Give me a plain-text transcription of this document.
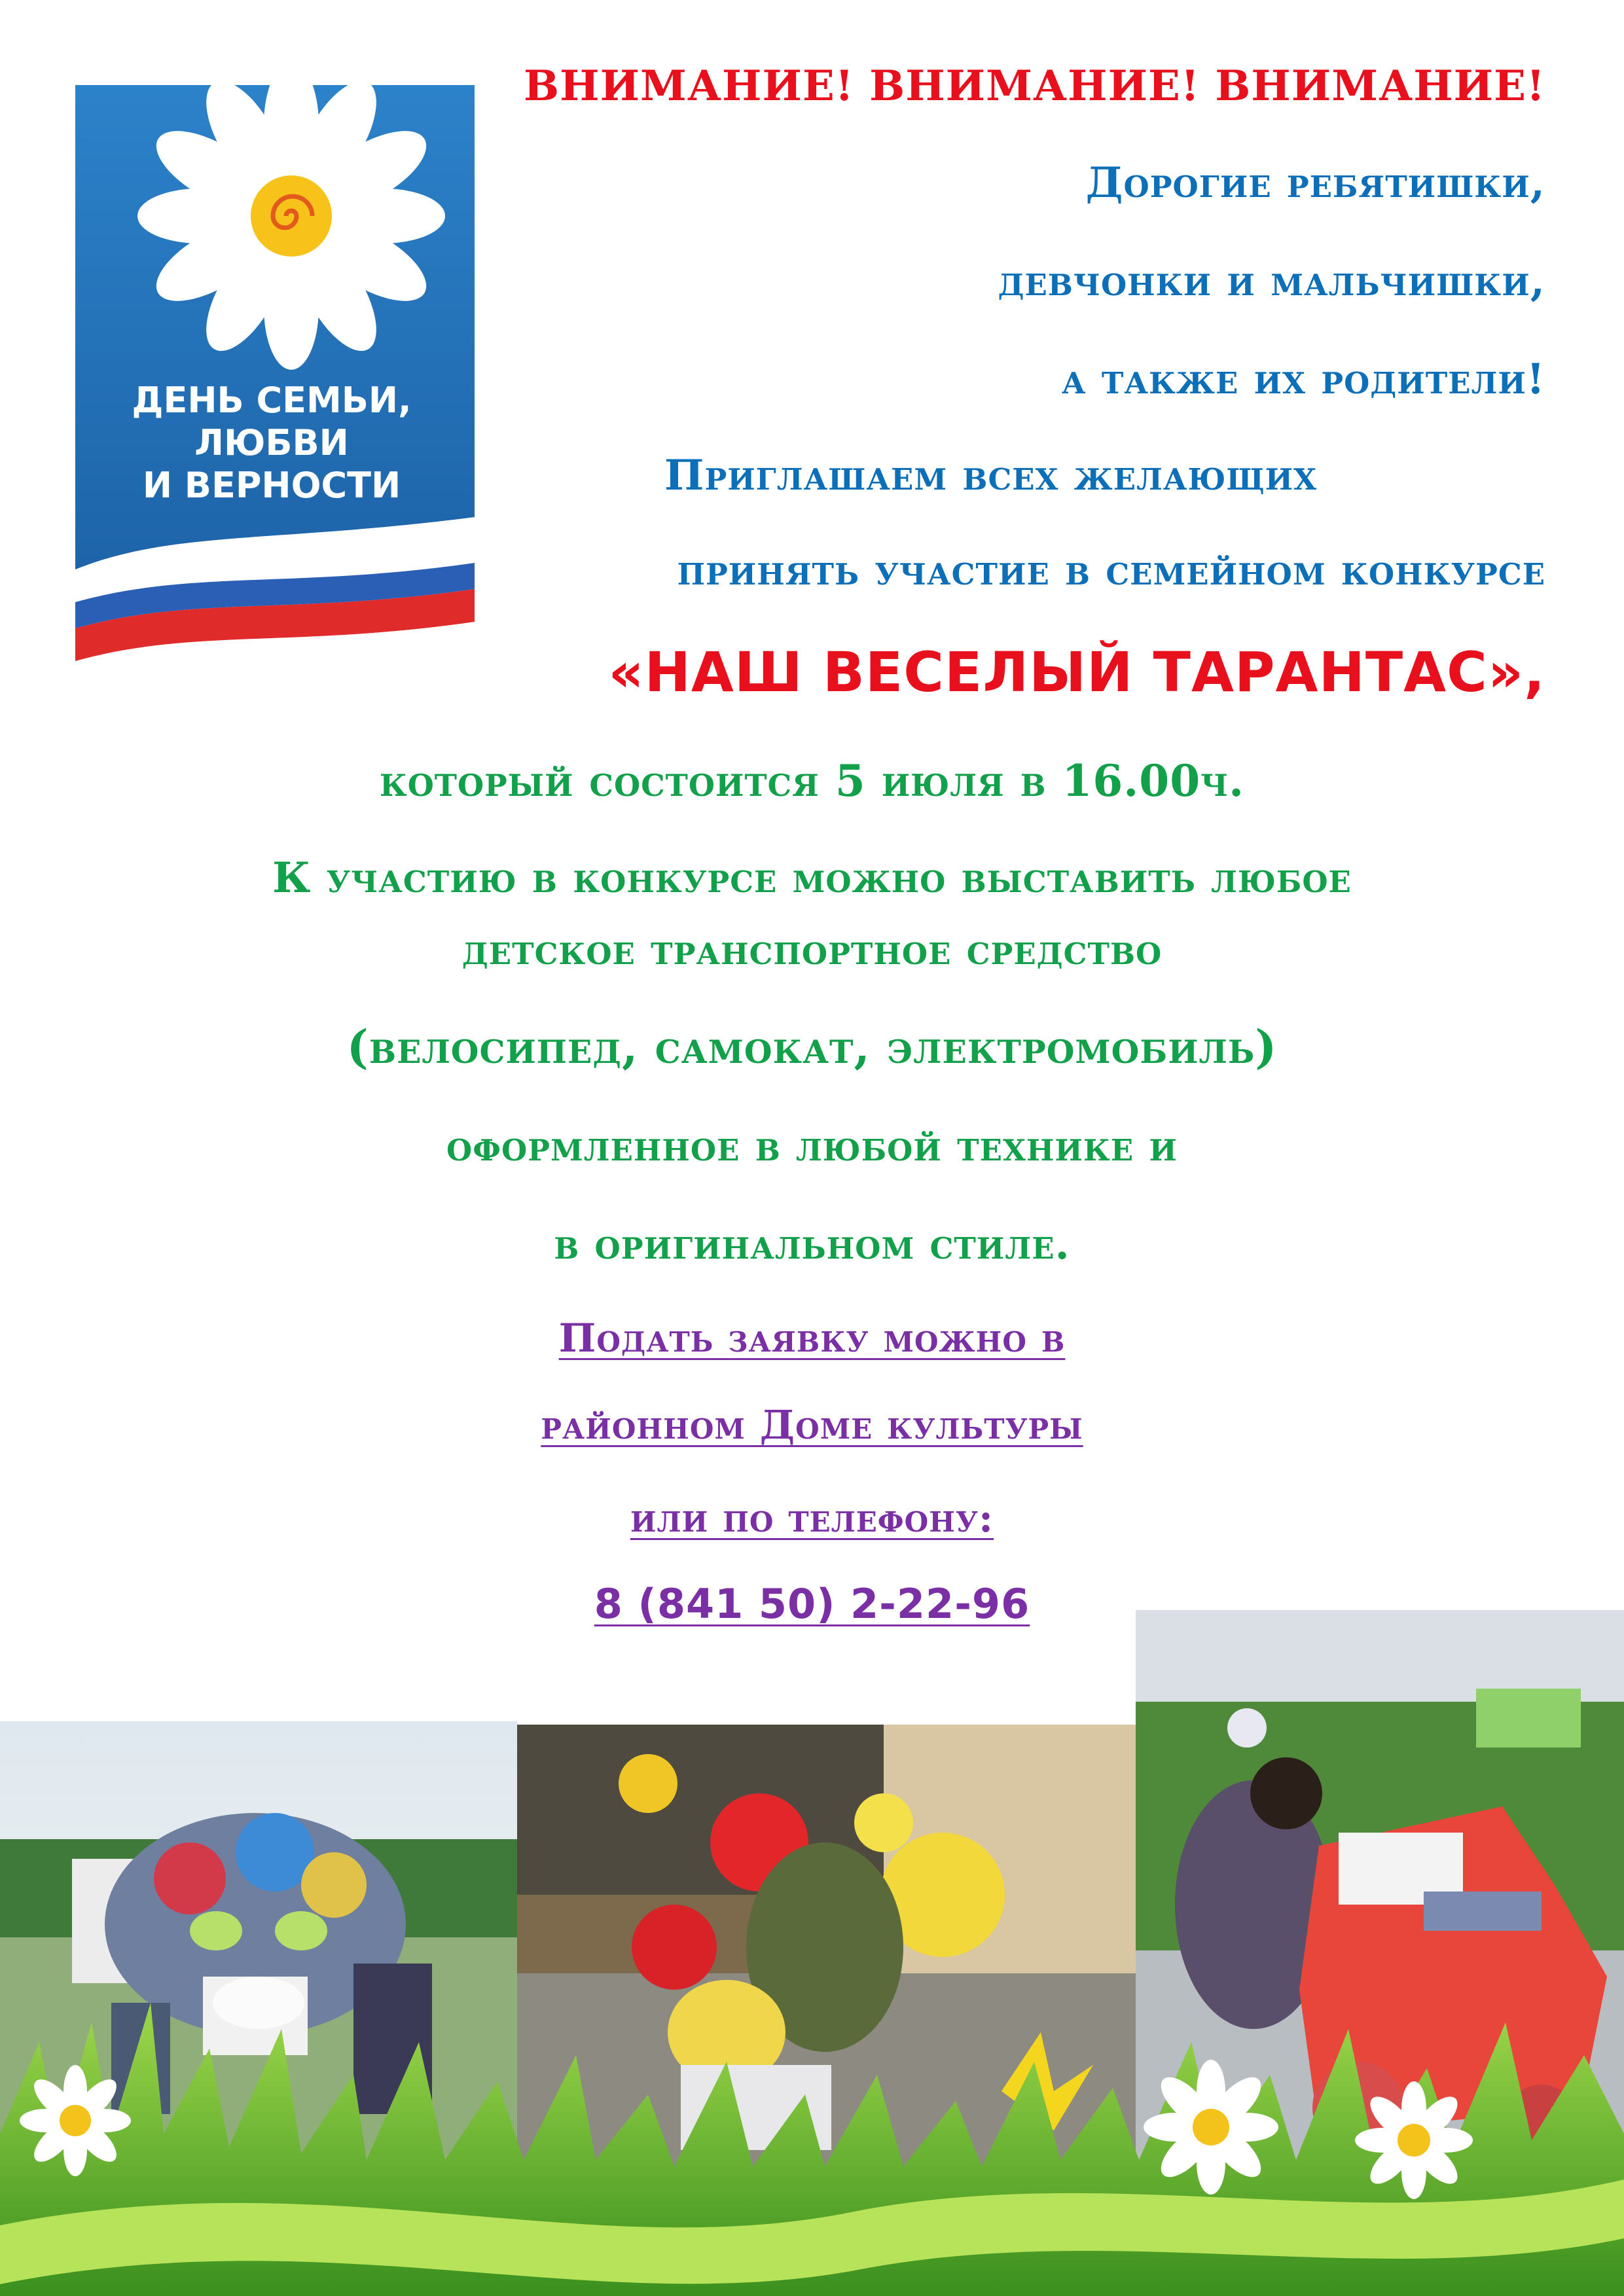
ДЕНЬ СЕМЬИ,
ЛЮБВИ
И ВЕРНОСТИ

ВНИМАНИЕ! ВНИМАНИЕ! ВНИМАНИЕ!

Дорогие ребятишки,

девчонки и мальчишки,

а также их родители!

Приглашаем всех желающих

принять участие в семейном конкурсе

«НАШ ВЕСЕЛЫЙ ТАРАНТАС»,

который состоится 5 июля в 16.00ч.

К участию в конкурсе можно выставить любое

детское транспортное средство

(велосипед, самокат, электромобиль)

оформленное в любой технике и

в оригинальном стиле.

Подать заявку можно в

районном Доме культуры

или по телефону:

8 (841 50) 2-22-96
